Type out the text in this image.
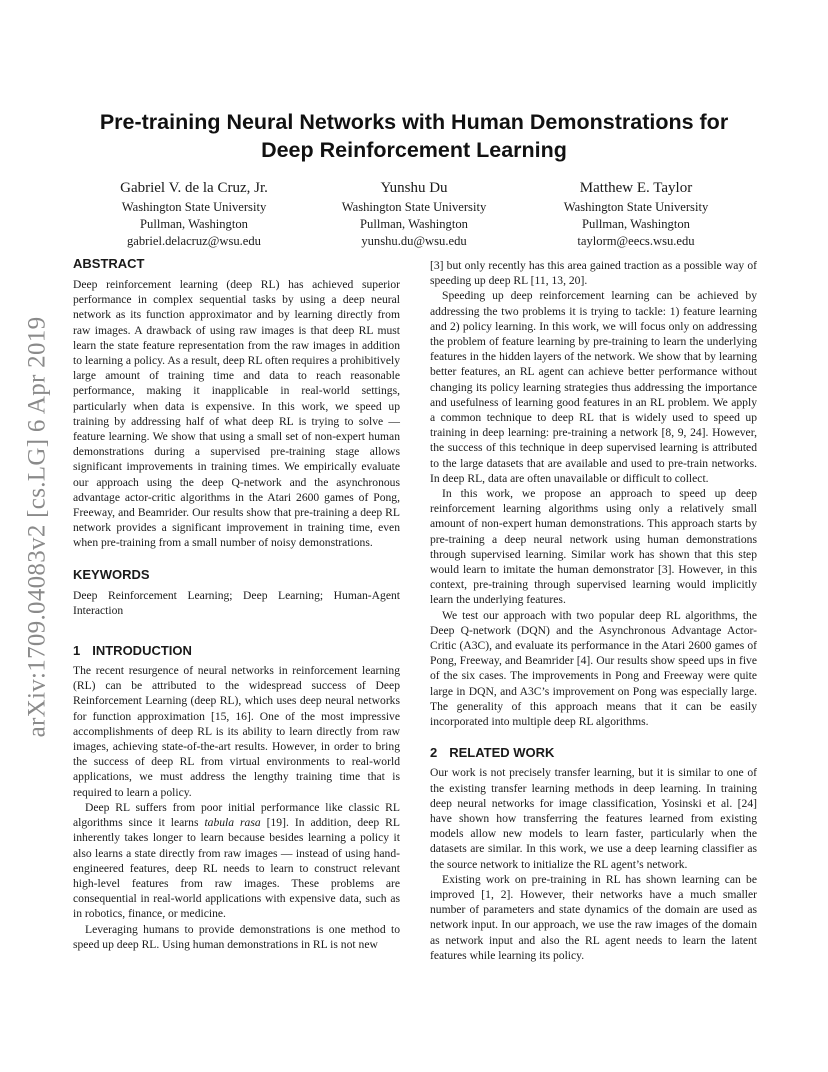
arXiv:1709.04083v2 [cs.LG] 6 Apr 2019
Pre-training Neural Networks with Human Demonstrations for
Deep Reinforcement Learning
Gabriel V. de la Cruz, Jr.
Washington State University
Pullman, Washington
gabriel.delacruz@wsu.edu
Yunshu Du
Washington State University
Pullman, Washington
yunshu.du@wsu.edu
Matthew E. Taylor
Washington State University
Pullman, Washington
taylorm@eecs.wsu.edu
ABSTRACT

Deep reinforcement learning (deep RL) has achieved superior performance in complex sequential tasks by using a deep neural network as its function approximator and by learning directly from raw images. A drawback of using raw images is that deep RL must learn the state feature representation from the raw images in addition to learning a policy. As a result, deep RL often requires a prohibitively large amount of training time and data to reach reasonable performance, making it inapplicable in real-world settings, particularly when data is expensive. In this work, we speed up training by addressing half of what deep RL is trying to solve — feature learning. We show that using a small set of non-expert human demonstrations during a supervised pre-training stage allows significant improvements in training times. We empirically evaluate our approach using the deep Q-network and the asynchronous advantage actor-critic algorithms in the Atari 2600 games of Pong, Freeway, and Beamrider. Our results show that pre-training a deep RL network provides a significant improvement in training time, even when pre-training from a small number of noisy demonstrations.

KEYWORDS

Deep Reinforcement Learning; Deep Learning; Human-Agent Interaction

1 INTRODUCTION

The recent resurgence of neural networks in reinforcement learning (RL) can be attributed to the widespread success of Deep Reinforcement Learning (deep RL), which uses deep neural networks for function approximation [15, 16]. One of the most impressive accomplishments of deep RL is its ability to learn directly from raw images, achieving state-of-the-art results. However, in order to bring the success of deep RL from virtual environments to real-world applications, we must address the lengthy training time that is required to learn a policy.

Deep RL suffers from poor initial performance like classic RL algorithms since it learns tabula rasa [19]. In addition, deep RL inherently takes longer to learn because besides learning a policy it also learns a state directly from raw images — instead of using hand-engineered features, deep RL needs to learn to construct relevant high-level features from raw images. These problems are consequential in real-world applications with expensive data, such as in robotics, finance, or medicine.

Leveraging humans to provide demonstrations is one method to speed up deep RL. Using human demonstrations in RL is not new

[3] but only recently has this area gained traction as a possible way of speeding up deep RL [11, 13, 20].

Speeding up deep reinforcement learning can be achieved by addressing the two problems it is trying to tackle: 1) feature learning and 2) policy learning. In this work, we will focus only on addressing the problem of feature learning by pre-training to learn the underlying features in the hidden layers of the network. We show that by learning better features, an RL agent can achieve better performance without changing its policy learning strategies thus addressing the importance and usefulness of learning good features in an RL problem. We apply a common technique to deep RL that is widely used to speed up training in deep learning: pre-training a network [8, 9, 24]. However, the success of this technique in deep supervised learning is attributed to the large datasets that are available and used to pre-train networks. In deep RL, data are often unavailable or difficult to collect.

In this work, we propose an approach to speed up deep reinforcement learning algorithms using only a relatively small amount of non-expert human demonstrations. This approach starts by pre-training a deep neural network using human demonstrations through supervised learning. Similar work has shown that this step would learn to imitate the human demonstrator [3]. However, in this context, pre-training through supervised learning would implicitly learn the underlying features.

We test our approach with two popular deep RL algorithms, the Deep Q-network (DQN) and the Asynchronous Advantage Actor-Critic (A3C), and evaluate its performance in the Atari 2600 games of Pong, Freeway, and Beamrider [4]. Our results show speed ups in five of the six cases. The improvements in Pong and Freeway were quite large in DQN, and A3C’s improvement on Pong was especially large. The generality of this approach means that it can be easily incorporated into multiple deep RL algorithms.

2 RELATED WORK

Our work is not precisely transfer learning, but it is similar to one of the existing transfer learning methods in deep learning. In training deep neural networks for image classification, Yosinski et al. [24] have shown how transferring the features learned from existing models allow new models to learn faster, particularly when the datasets are similar. In this work, we use a deep learning classifier as the source network to initialize the RL agent’s network.

Existing work on pre-training in RL has shown learning can be improved [1, 2]. However, their networks have a much smaller number of parameters and state dynamics of the domain are used as network input. In our approach, we use the raw images of the domain as network input and also the RL agent needs to learn the latent features while learning its policy.
